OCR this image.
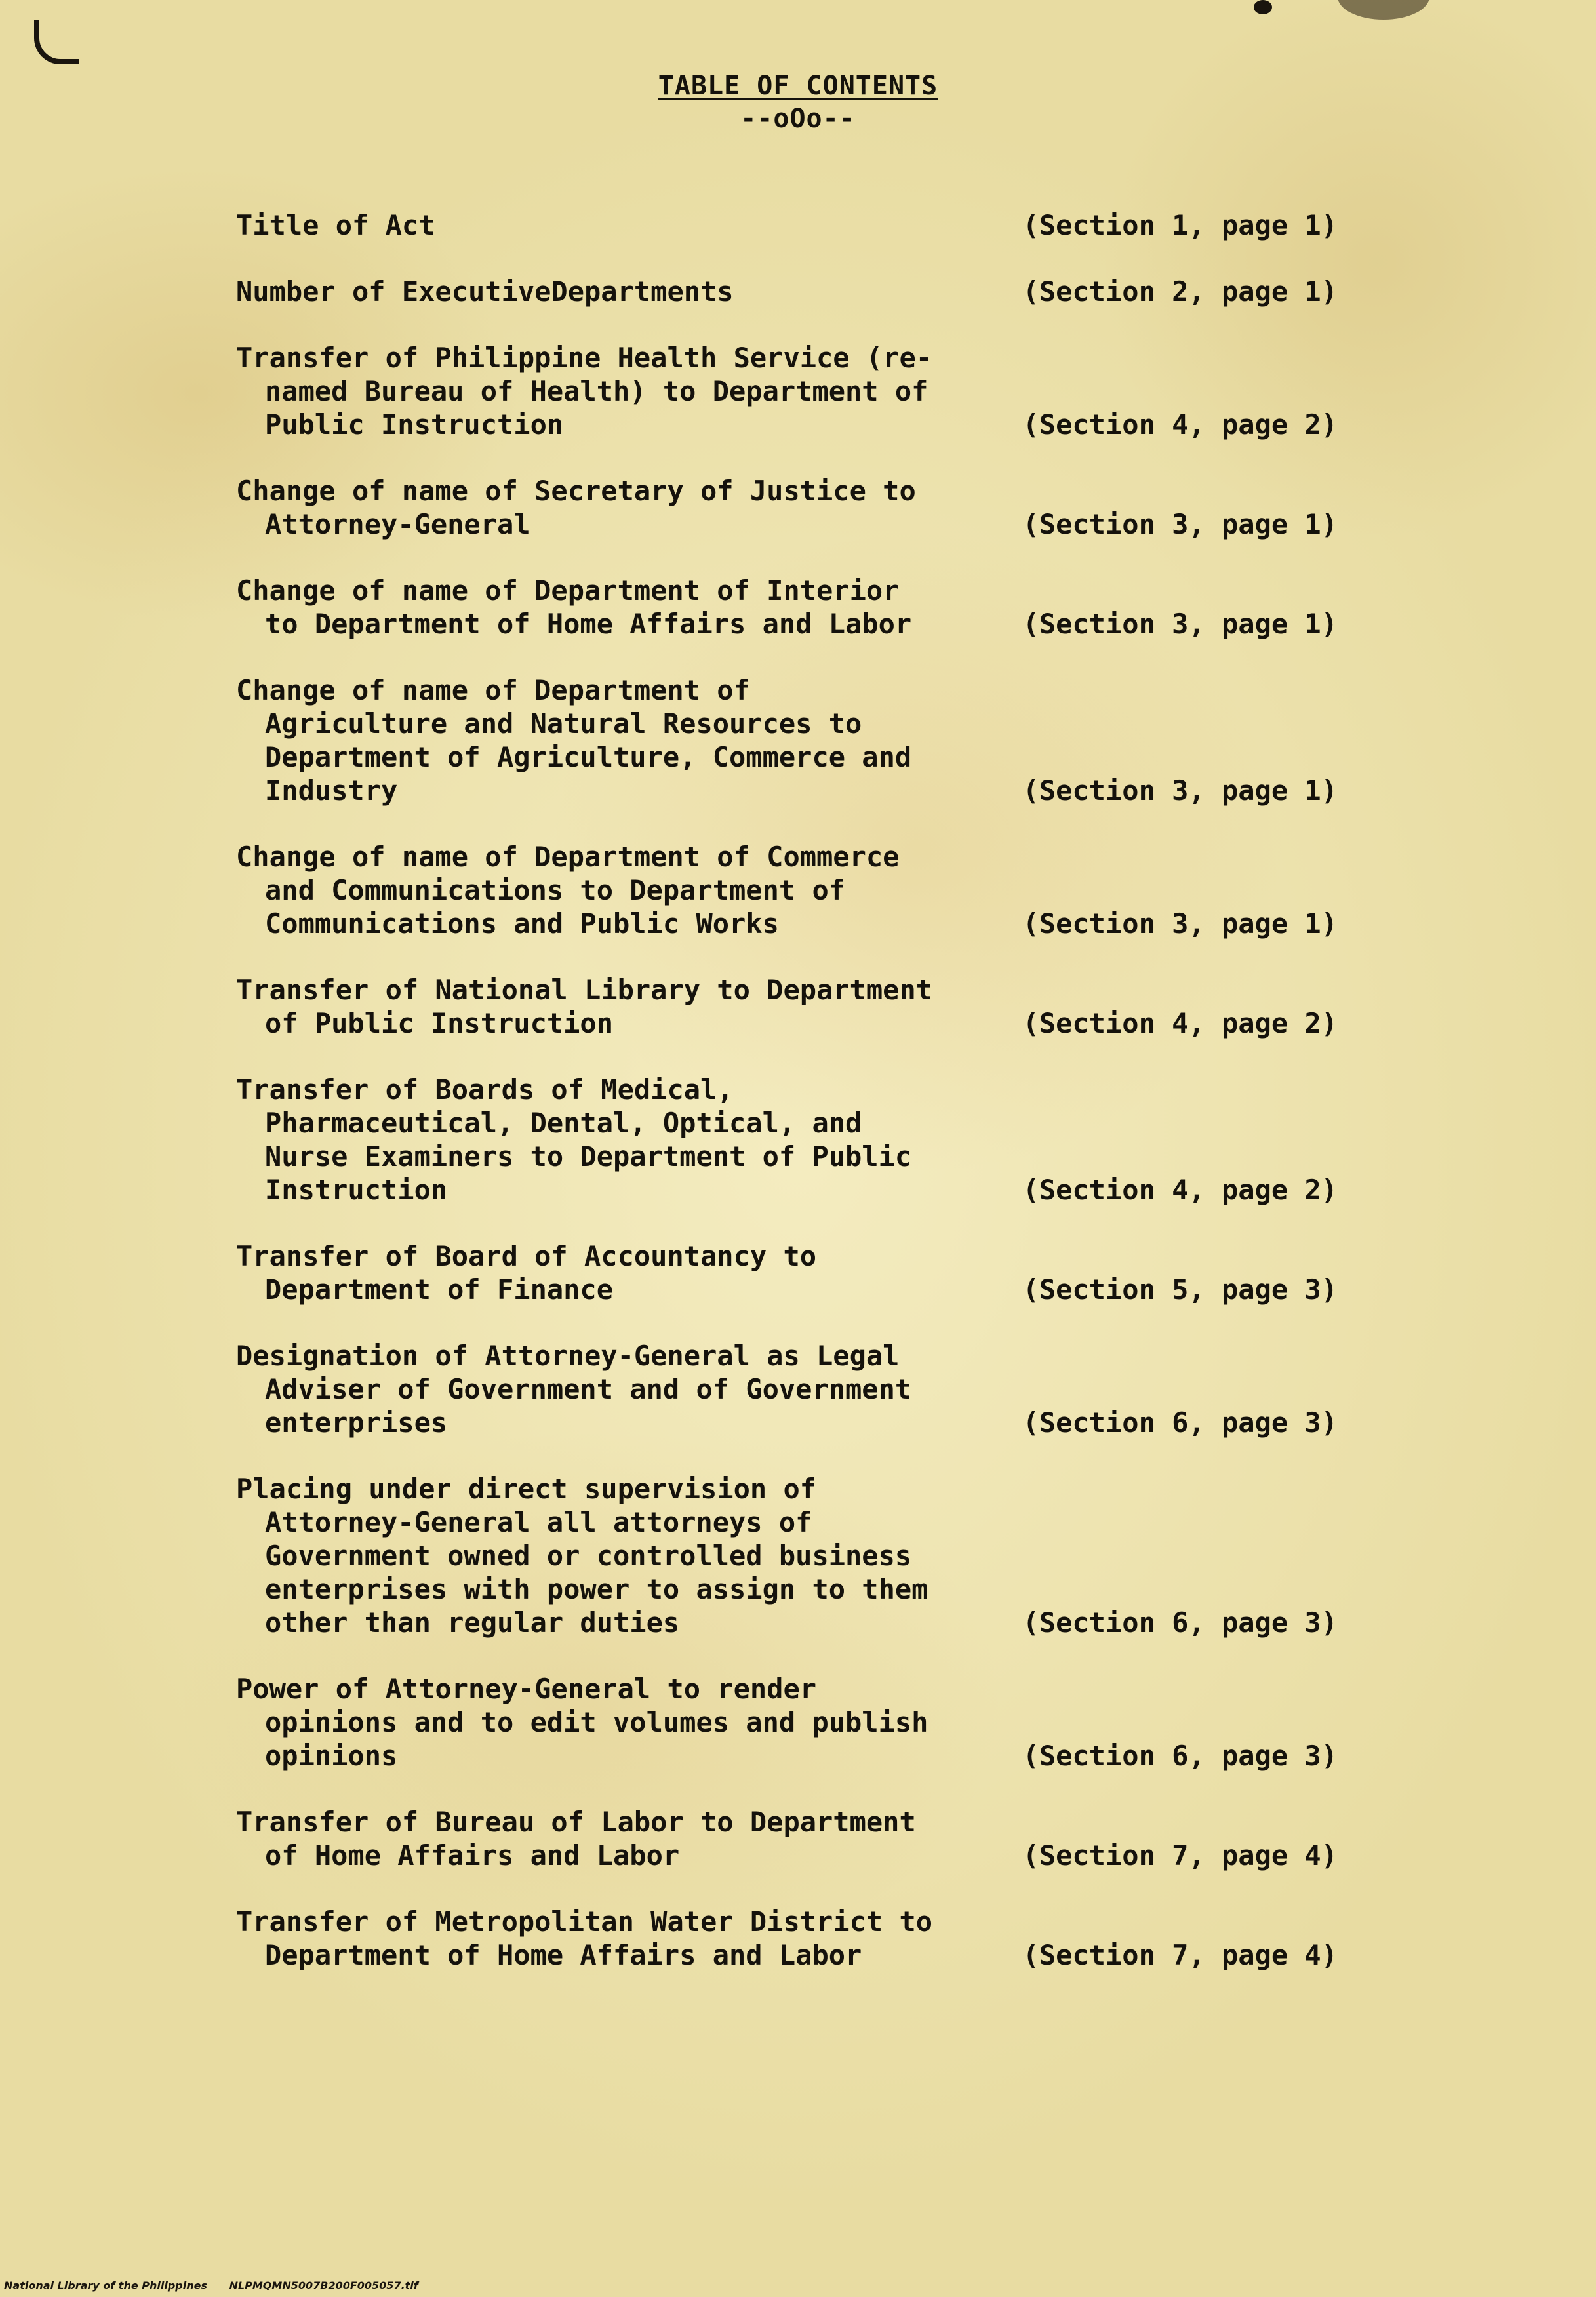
TABLE OF CONTENTS
--oOo--
Title of Act	(Section 1, page 1)
Number of ExecutiveDepartments	(Section 2, page 1)
Transfer of Philippine Health Service (re-named Bureau of Health) to Department of Public Instruction	(Section 4, page 2)
Change of name of Secretary of Justice to Attorney-General	(Section 3, page 1)
Change of name of Department of Interior to Department of Home Affairs and Labor	(Section 3, page 1)
Change of name of Department of Agriculture and Natural Resources to Department of Agriculture, Commerce and Industry	(Section 3, page 1)
Change of name of Department of Commerce and Communications to Department of Communications and Public Works	(Section 3, page 1)
Transfer of National Library to Department of Public Instruction	(Section 4, page 2)
Transfer of Boards of Medical, Pharmaceutical, Dental, Optical, and Nurse Examiners to Department of Public Instruction	(Section 4, page 2)
Transfer of Board of Accountancy to Department of Finance	(Section 5, page 3)
Designation of Attorney-General as Legal Adviser of Government and of Government enterprises	(Section 6, page 3)
Placing under direct supervision of Attorney-General all attorneys of Government owned or controlled business enterprises with power to assign to them other than regular duties	(Section 6, page 3)
Power of Attorney-General to render opinions and to edit volumes and publish opinions	(Section 6, page 3)
Transfer of Bureau of Labor to Department of Home Affairs and Labor	(Section 7, page 4)
Transfer of Metropolitan Water District to Department of Home Affairs and Labor	(Section 7, page 4)
National Library of the Philippines NLPMQMN5007B200F005057.tif
